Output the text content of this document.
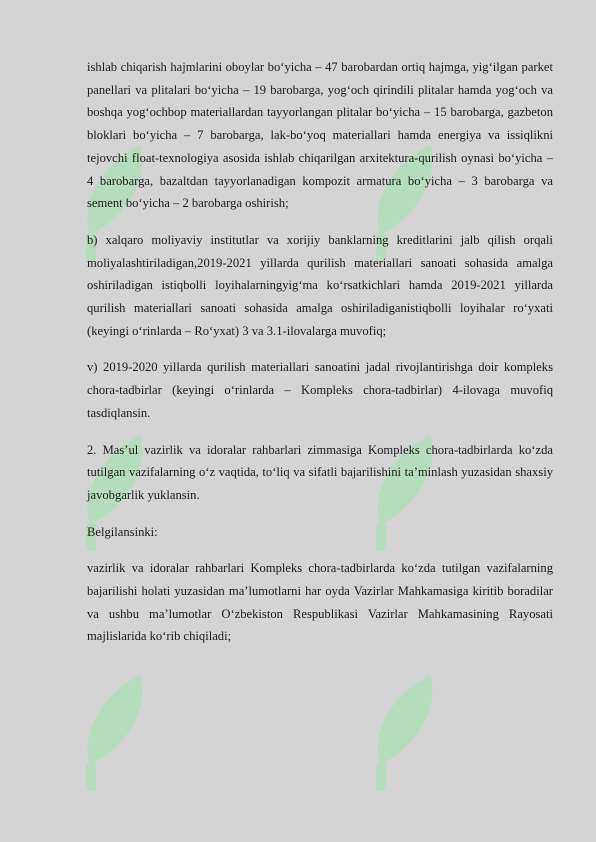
ishlab chiqarish hajmlarini oboylar bo‘yicha – 47 barobardan ortiq hajmga, yig‘ilgan parket panellari va plitalari bo‘yicha – 19 barobarga, yog‘och qirindili plitalar hamda yog‘och va boshqa yog‘ochbop materiallardan tayyorlangan plitalar bo‘yicha – 15 barobarga, gazbeton bloklari bo‘yicha – 7 barobarga, lak-bo‘yoq materiallari hamda energiya va issiqlikni tejovchi float-texnologiya asosida ishlab chiqarilgan arxitektura-qurilish oynasi bo‘yicha – 4 barobarga, bazaltdan tayyorlanadigan kompozit armatura bo‘yicha – 3 barobarga va sement bo‘yicha – 2 barobarga oshirish;

b) xalqaro moliyaviy institutlar va xorijiy banklarning kreditlarini jalb qilish orqali moliyalashtiriladigan,2019-2021 yillarda qurilish materiallari sanoati sohasida amalga oshiriladigan istiqbolli loyihalarningyig‘ma ko‘rsatkichlari hamda 2019-2021 yillarda qurilish materiallari sanoati sohasida amalga oshiriladiganistiqbolli loyihalar ro‘yxati (keyingi o‘rinlarda – Ro‘yxat) 3 va 3.1-ilovalarga muvofiq;

v) 2019-2020 yillarda qurilish materiallari sanoatini jadal rivojlantirishga doir kompleks chora-tadbirlar (keyingi o‘rinlarda – Kompleks chora-tadbirlar) 4-ilovaga muvofiq tasdiqlansin.

2. Mas’ul vazirlik va idoralar rahbarlari zimmasiga Kompleks chora-tadbirlarda ko‘zda tutilgan vazifalarning o‘z vaqtida, to‘liq va sifatli bajarilishini ta’minlash yuzasidan shaxsiy javobgarlik yuklansin.

Belgilansinki:

vazirlik va idoralar rahbarlari Kompleks chora-tadbirlarda ko‘zda tutilgan vazifalarning bajarilishi holati yuzasidan ma’lumotlarni har oyda Vazirlar Mahkamasiga kiritib boradilar va ushbu ma’lumotlar O‘zbekiston Respublikasi Vazirlar Mahkamasining Rayosati majlislarida ko‘rib chiqiladi;
